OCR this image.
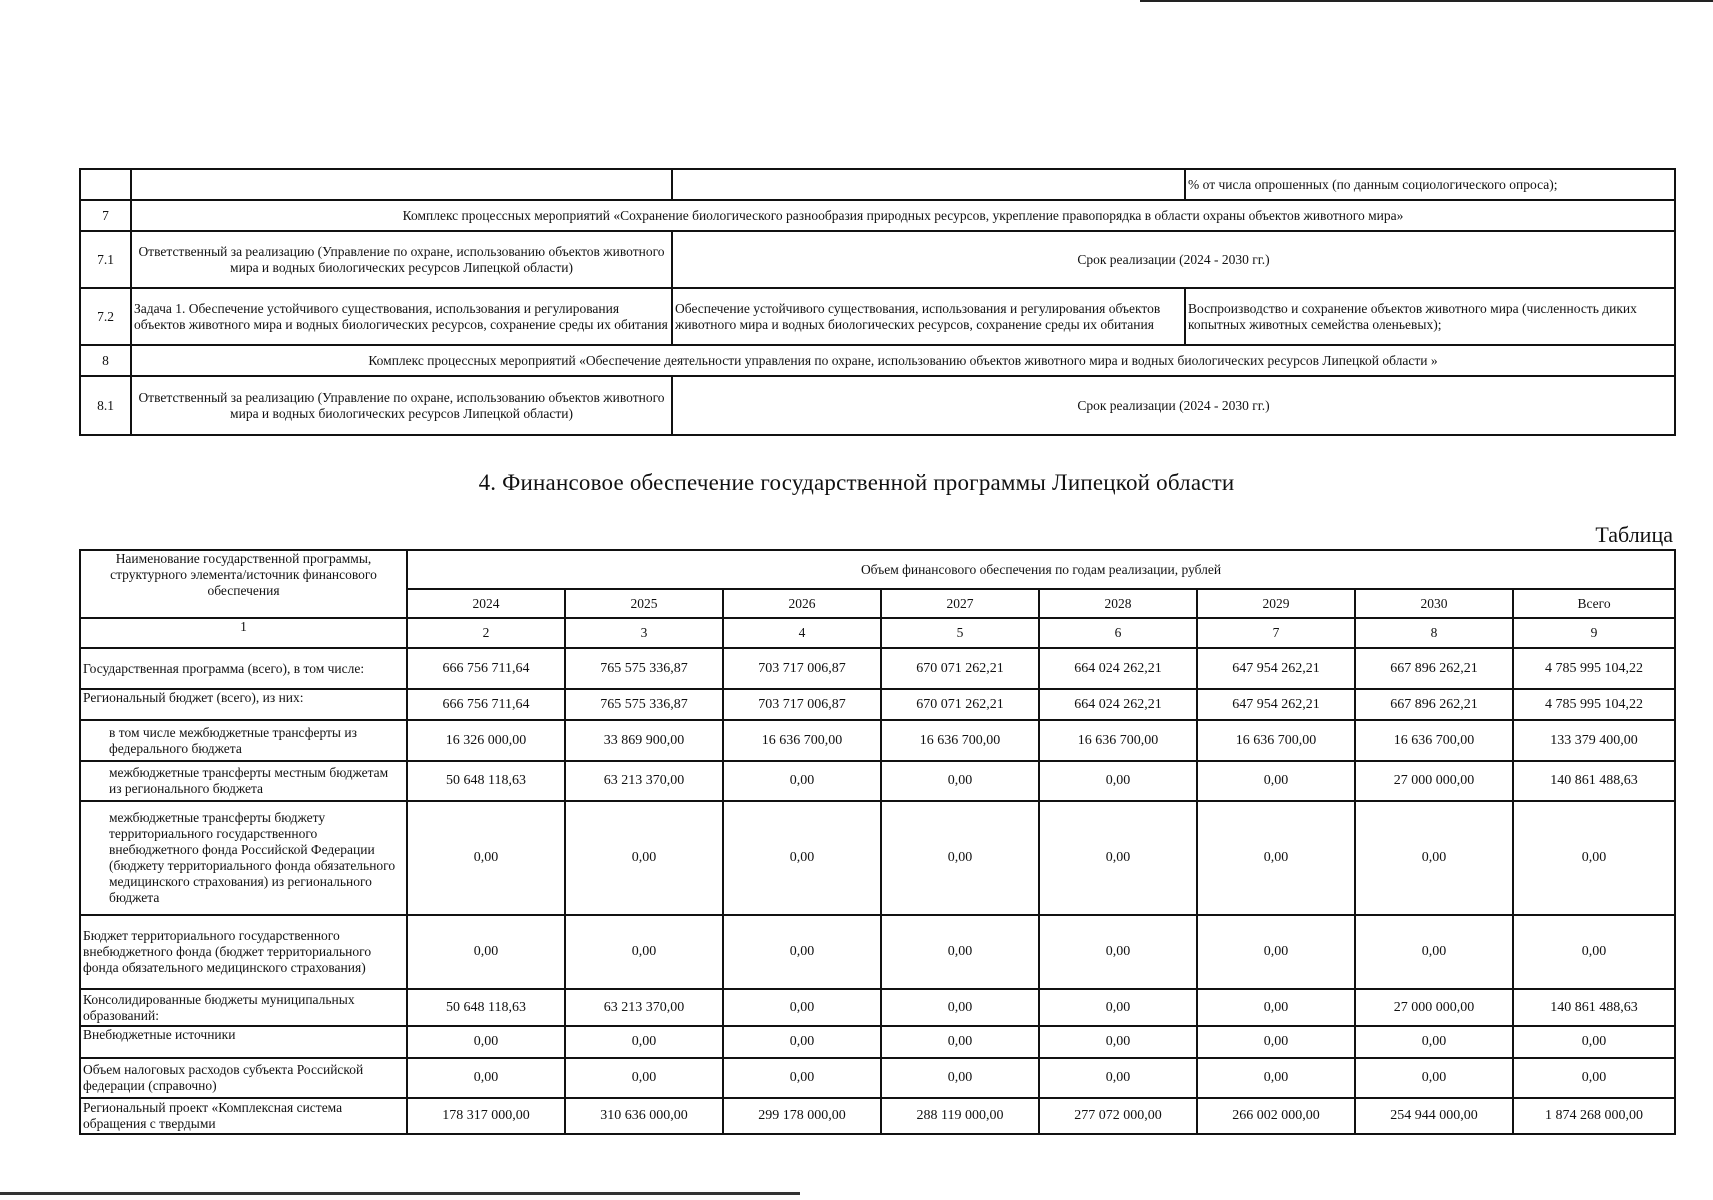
			% от числа опрошенных (по данным социологического опроса);
7	Комплекс процессных мероприятий «Сохранение биологического разнообразия природных ресурсов, укрепление правопорядка в области охраны объектов животного мира»		
7.1	Ответственный за реализацию (Управление по охране, использованию объектов животного мира и водных биологических ресурсов Липецкой области)	Срок реализации (2024 - 2030 гг.)	
7.2	Задача 1. Обеспечение устойчивого существования, использования и регулирования объектов животного мира и водных биологических ресурсов, сохранение среды их обитания	Обеспечение устойчивого существования, использования и регулирования объектов животного мира и водных биологических ресурсов, сохранение среды их обитания	Воспроизводство и сохранение объектов животного мира (численность диких копытных животных семейства оленьевых);
8	Комплекс процессных мероприятий «Обеспечение деятельности управления по охране, использованию объектов животного мира и водных биологических ресурсов Липецкой области »		
8.1	Ответственный за реализацию (Управление по охране, использованию объектов животного мира и водных биологических ресурсов Липецкой области)	Срок реализации (2024 - 2030 гг.)	
4. Финансовое обеспечение государственной программы Липецкой области
Таблица
Наименование государственной программы, структурного элемента/источник финансового обеспечения	Объем финансового обеспечения по годам реализации, рублей							
	2024	2025	2026	2027	2028	2029	2030	Всего
1	2	3	4	5	6	7	8	9
Государственная программа (всего), в том числе:	666 756 711,64	765 575 336,87	703 717 006,87	670 071 262,21	664 024 262,21	647 954 262,21	667 896 262,21	4 785 995 104,22
Региональный бюджет (всего), из них:	666 756 711,64	765 575 336,87	703 717 006,87	670 071 262,21	664 024 262,21	647 954 262,21	667 896 262,21	4 785 995 104,22
в том числе межбюджетные трансферты из федерального бюджета	16 326 000,00	33 869 900,00	16 636 700,00	16 636 700,00	16 636 700,00	16 636 700,00	16 636 700,00	133 379 400,00
межбюджетные трансферты местным бюджетам из регионального бюджета	50 648 118,63	63 213 370,00	0,00	0,00	0,00	0,00	27 000 000,00	140 861 488,63
межбюджетные трансферты бюджету территориального государственного внебюджетного фонда Российской Федерации (бюджету территориального фонда обязательного медицинского страхования) из регионального бюджета	0,00	0,00	0,00	0,00	0,00	0,00	0,00	0,00
Бюджет территориального государственного внебюджетного фонда (бюджет территориального фонда обязательного медицинского страхования)	0,00	0,00	0,00	0,00	0,00	0,00	0,00	0,00
Консолидированные бюджеты муниципальных образований:	50 648 118,63	63 213 370,00	0,00	0,00	0,00	0,00	27 000 000,00	140 861 488,63
Внебюджетные источники	0,00	0,00	0,00	0,00	0,00	0,00	0,00	0,00
Объем налоговых расходов субъекта Российской федерации (справочно)	0,00	0,00	0,00	0,00	0,00	0,00	0,00	0,00
Региональный проект «Комплексная система обращения с твердыми	178 317 000,00	310 636 000,00	299 178 000,00	288 119 000,00	277 072 000,00	266 002 000,00	254 944 000,00	1 874 268 000,00
